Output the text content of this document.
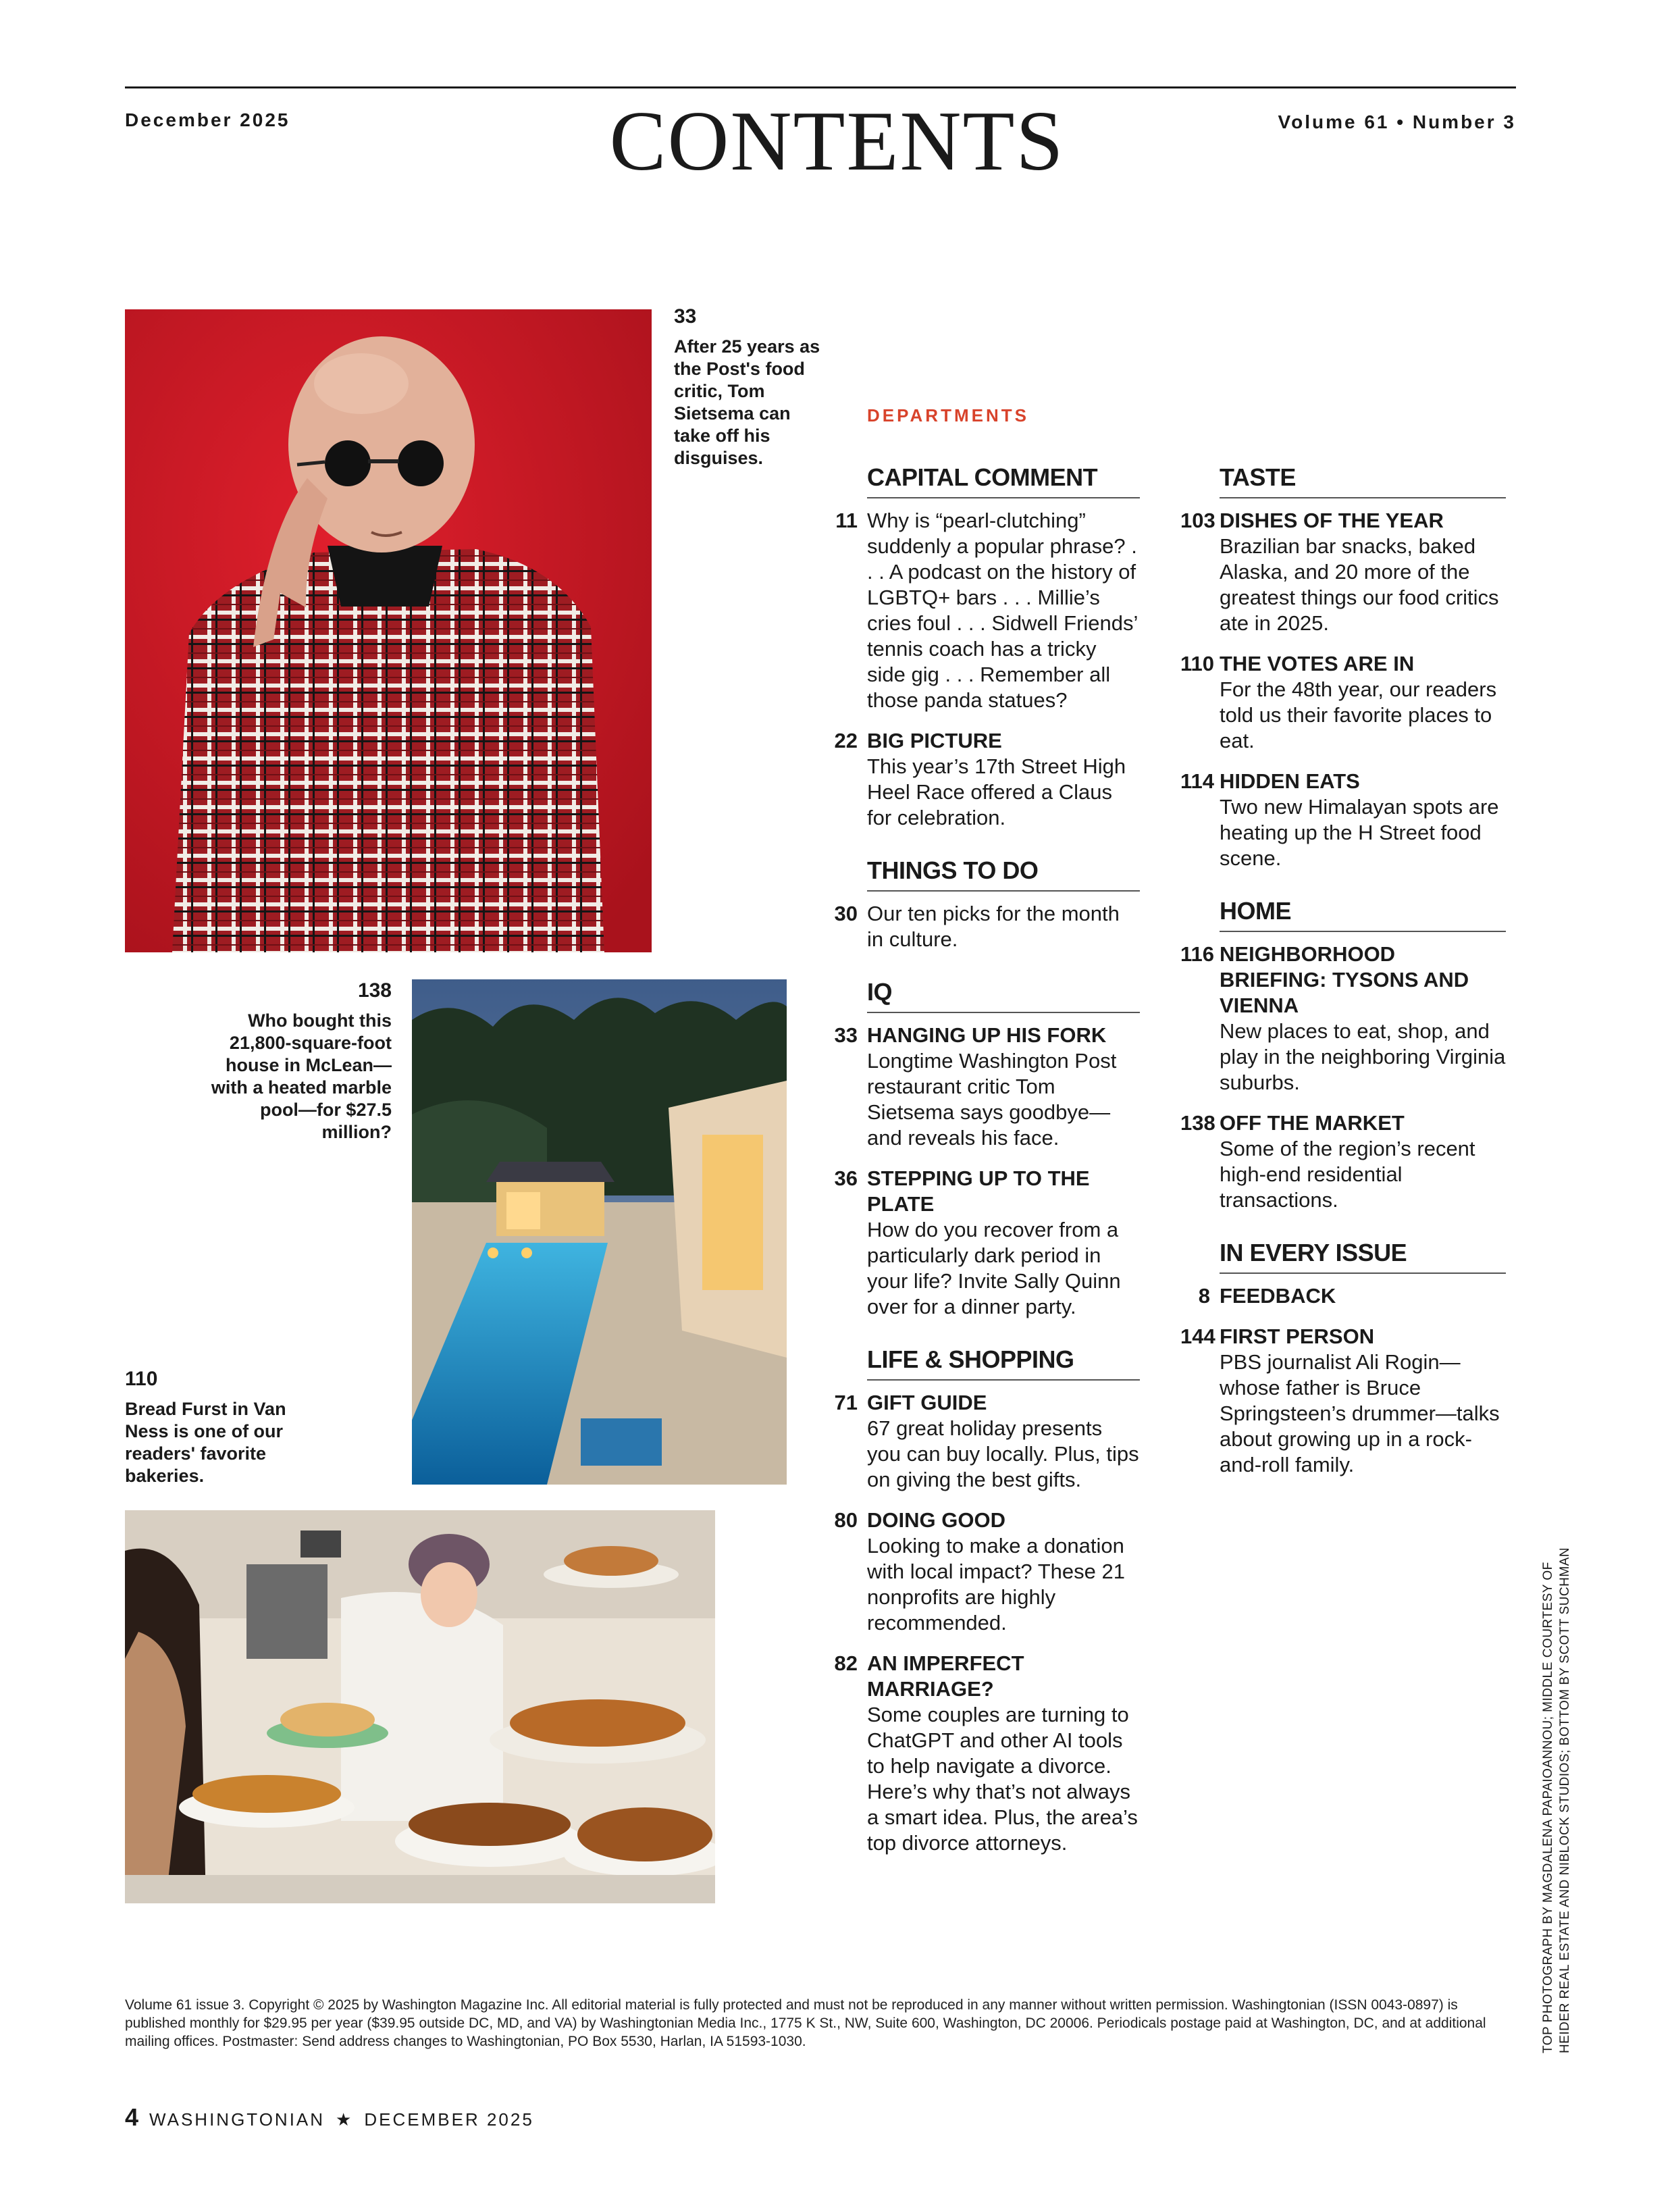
December 2025	CONTENTS	Volume 61 • Number 3
33
After 25 years as the Post's food critic, Tom Sietsema can take off his disguises.
138
Who bought this 21,800-square-foot house in McLean—with a heated marble pool—for $27.5 million?
110
Bread Furst in Van Ness is one of our readers' favorite bakeries.
DEPARTMENTS
CAPITAL COMMENT
11 Why is “pearl-clutching” suddenly a popular phrase? . . . A podcast on the history of LGBTQ+ bars . . . Millie’s cries foul . . . Sidwell Friends’ tennis coach has a tricky side gig . . . Remember all those panda statues?
22 BIG PICTURE
This year’s 17th Street High Heel Race offered a Claus for celebration.
THINGS TO DO
30 Our ten picks for the month in culture.
IQ
33 HANGING UP HIS FORK
Longtime Washington Post restaurant critic Tom Sietsema says goodbye—and reveals his face.
36 STEPPING UP TO THE PLATE
How do you recover from a particularly dark period in your life? Invite Sally Quinn over for a dinner party.
LIFE & SHOPPING
71 GIFT GUIDE
67 great holiday presents you can buy locally. Plus, tips on giving the best gifts.
80 DOING GOOD
Looking to make a donation with local impact? These 21 nonprofits are highly recommended.
82 AN IMPERFECT MARRIAGE?
Some couples are turning to ChatGPT and other AI tools to help navigate a divorce. Here’s why that’s not always a smart idea. Plus, the area’s top divorce attorneys.
TASTE
103 DISHES OF THE YEAR
Brazilian bar snacks, baked Alaska, and 20 more of the greatest things our food critics ate in 2025.
110 THE VOTES ARE IN
For the 48th year, our readers told us their favorite places to eat.
114 HIDDEN EATS
Two new Himalayan spots are heating up the H Street food scene.
HOME
116 NEIGHBORHOOD BRIEFING: TYSONS AND VIENNA
New places to eat, shop, and play in the neighboring Virginia suburbs.
138 OFF THE MARKET
Some of the region’s recent high-end residential transactions.
IN EVERY ISSUE
8 FEEDBACK
144 FIRST PERSON
PBS journalist Ali Rogin—whose father is Bruce Springsteen’s drummer—talks about growing up in a rock-and-roll family.
Volume 61 issue 3. Copyright © 2025 by Washington Magazine Inc. All editorial material is fully protected and must not be reproduced in any manner without written permission. Washingtonian (ISSN 0043-0897) is published monthly for $29.95 per year ($39.95 outside DC, MD, and VA) by Washingtonian Media Inc., 1775 K St., NW, Suite 600, Washington, DC 20006. Periodicals postage paid at Washington, DC, and at additional mailing offices. Postmaster: Send address changes to Washingtonian, PO Box 5530, Harlan, IA 51593-1030.	TOP PHOTOGRAPH BY MAGDALENA PAPAIOANNOU; MIDDLE COURTESY OF HEIDER REAL ESTATE AND NIBLOCK STUDIOS; BOTTOM BY SCOTT SUCHMAN
4 WASHINGTONIAN ★ DECEMBER 2025
